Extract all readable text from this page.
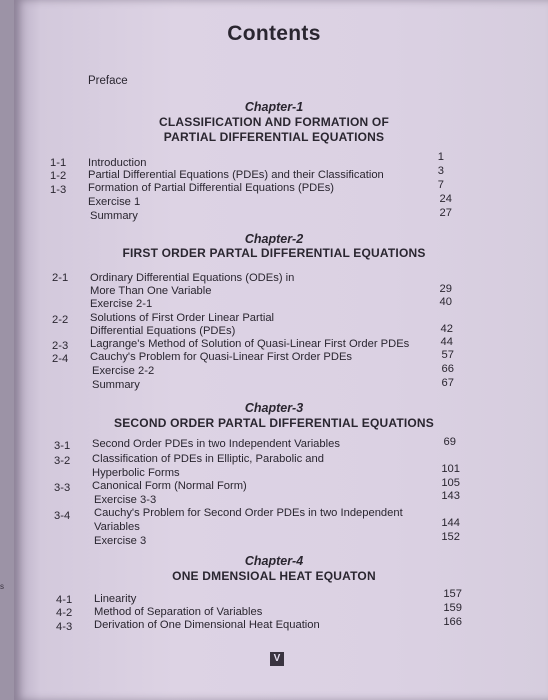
s
Contents
Preface
Chapter-1
CLASSIFICATION AND FORMATION OF
PARTIAL DIFFERENTIAL EQUATIONS
1-1 Introduction	1
1-2 Partial Differential Equations (PDEs) and their Classification	3
1-3 Formation of Partial Differential Equations (PDEs)	7
Exercise 1	24
Summary	27
Chapter-2
FIRST ORDER PARTAL DIFFERENTIAL EQUATIONS
2-1 Ordinary Differential Equations (ODEs) in
More Than One Variable	29
Exercise 2-1	40
2-2 Solutions of First Order Linear Partial
Differential Equations (PDEs)	42
2-3 Lagrange's Method of Solution of Quasi-Linear First Order PDEs	44
2-4 Cauchy's Problem for Quasi-Linear First Order PDEs	57
Exercise 2-2	66
Summary	67
Chapter-3
SECOND ORDER PARTAL DIFFERENTIAL EQUATIONS
3-1 Second Order PDEs in two Independent Variables	69
3-2 Classification of PDEs in Elliptic, Parabolic and
Hyperbolic Forms	101
3-3 Canonical Form (Normal Form)	105
Exercise 3-3	143
3-4 Cauchy's Problem for Second Order PDEs in two Independent
Variables	144
Exercise 3	152
Chapter-4
ONE DMENSIOAL HEAT EQUATON
4-1 Linearity	157
4-2 Method of Separation of Variables	159
4-3 Derivation of One Dimensional Heat Equation	166
V
